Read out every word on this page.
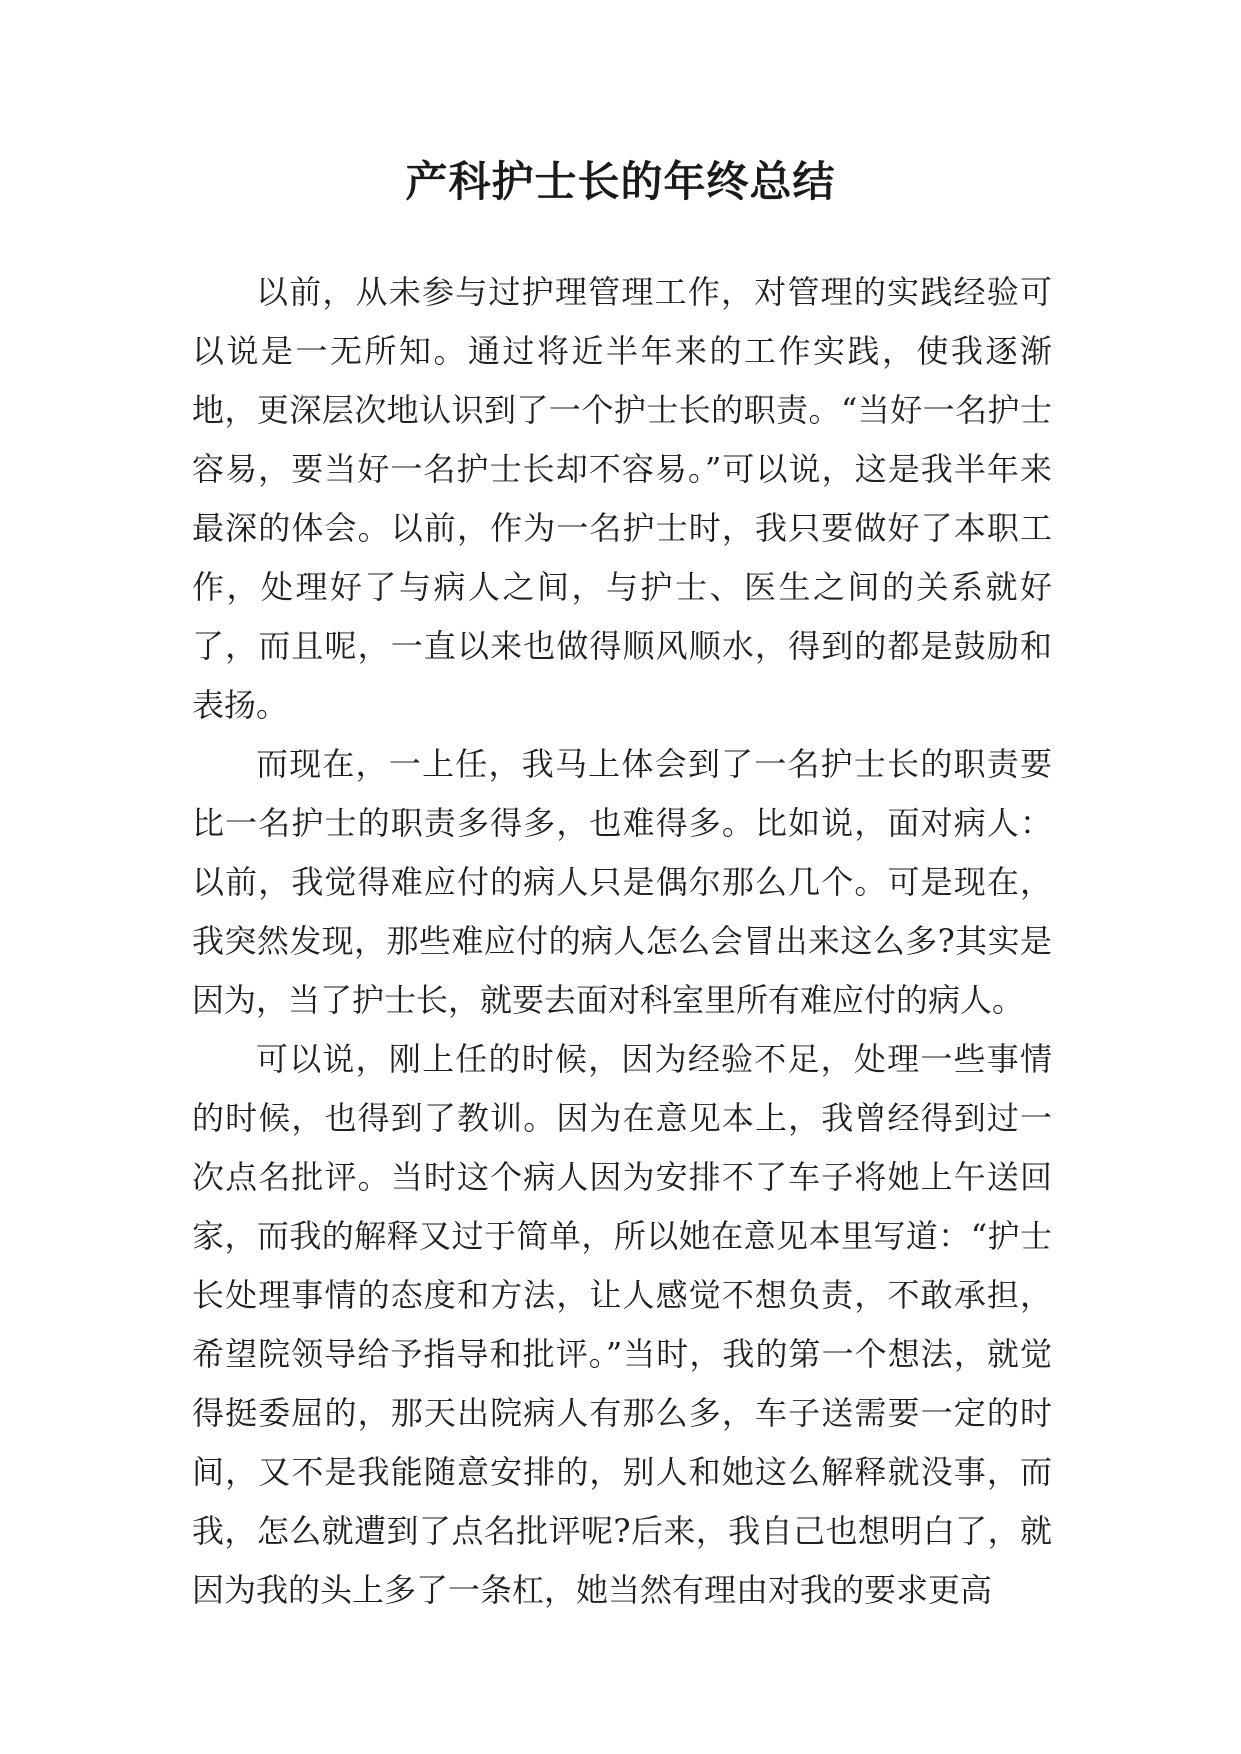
产科护士长的年终总结

以前，从未参与过护理管理工作，对管理的实践经验可以说是一无所知。通过将近半年来的工作实践，使我逐渐地，更深层次地认识到了一个护士长的职责。“当好一名护士容易，要当好一名护士长却不容易。”可以说，这是我半年来最深的体会。以前，作为一名护士时，我只要做好了本职工作，处理好了与病人之间，与护士、医生之间的关系就好了，而且呢，一直以来也做得顺风顺水，得到的都是鼓励和表扬。

而现在，一上任，我马上体会到了一名护士长的职责要比一名护士的职责多得多，也难得多。比如说，面对病人：以前，我觉得难应付的病人只是偶尔那么几个。可是现在，我突然发现，那些难应付的病人怎么会冒出来这么多?其实是因为，当了护士长，就要去面对科室里所有难应付的病人。

可以说，刚上任的时候，因为经验不足，处理一些事情的时候，也得到了教训。因为在意见本上，我曾经得到过一次点名批评。当时这个病人因为安排不了车子将她上午送回家，而我的解释又过于简单，所以她在意见本里写道：“护士长处理事情的态度和方法，让人感觉不想负责，不敢承担，希望院领导给予指导和批评。”当时，我的第一个想法，就觉得挺委屈的，那天出院病人有那么多，车子送需要一定的时间，又不是我能随意安排的，别人和她这么解释就没事，而我，怎么就遭到了点名批评呢?后来，我自己也想明白了，就因为我的头上多了一条杠，她当然有理由对我的要求更高
